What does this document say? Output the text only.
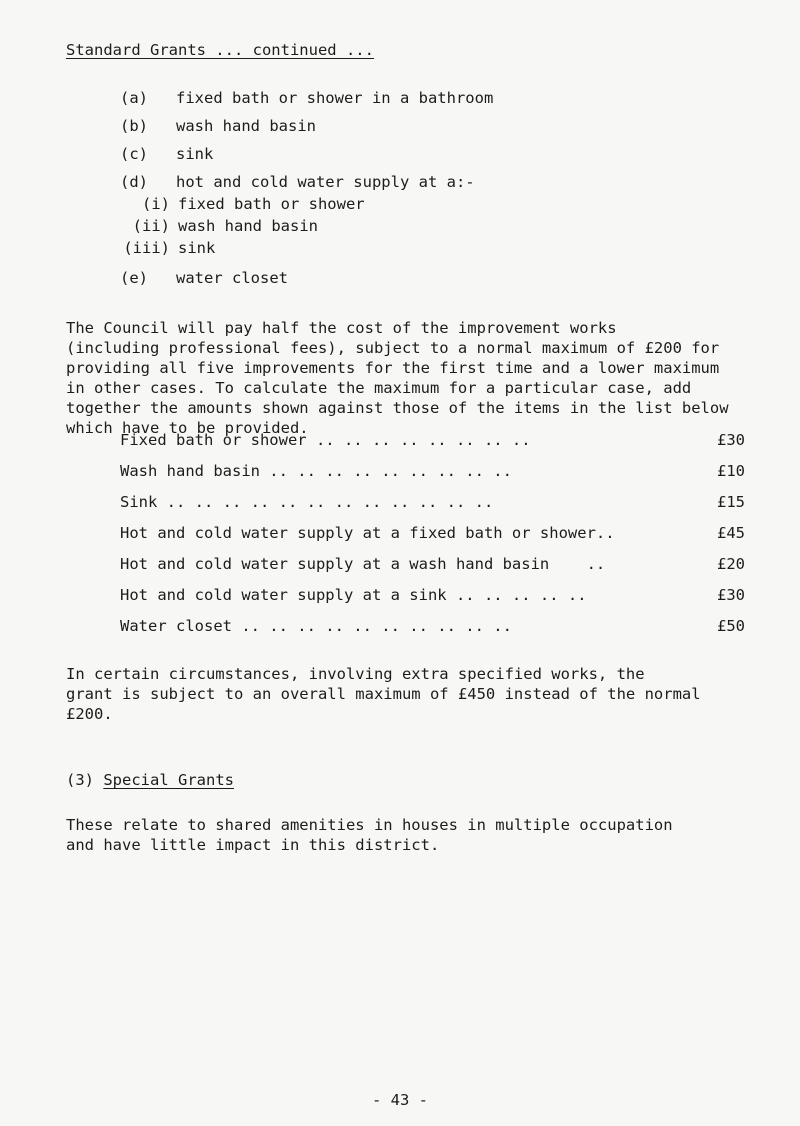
Standard Grants ... continued ...
(a) fixed bath or shower in a bathroom
(b) wash hand basin
(c) sink
(d) hot and cold water supply at a:-
(i) fixed bath or shower
(ii) wash hand basin
(iii) sink
(e) water closet
The Council will pay half the cost of the improvement works
(including professional fees), subject to a normal maximum of £200 for
providing all five improvements for the first time and a lower maximum
in other cases. To calculate the maximum for a particular case, add
together the amounts shown against those of the items in the list below
which have to be provided.
Fixed bath or shower .. .. .. .. .. .. .. ..	£30
Wash hand basin .. .. .. .. .. .. .. .. ..	£10
Sink .. .. .. .. .. .. .. .. .. .. .. ..	£15
Hot and cold water supply at a fixed bath or shower..	£45
Hot and cold water supply at a wash hand basin    ..	£20
Hot and cold water supply at a sink .. .. .. .. ..	£30
Water closet .. .. .. .. .. .. .. .. .. ..	£50
In certain circumstances, involving extra specified works, the
grant is subject to an overall maximum of £450 instead of the normal
£200.
(3) Special Grants
These relate to shared amenities in houses in multiple occupation
and have little impact in this district.
- 43 -
